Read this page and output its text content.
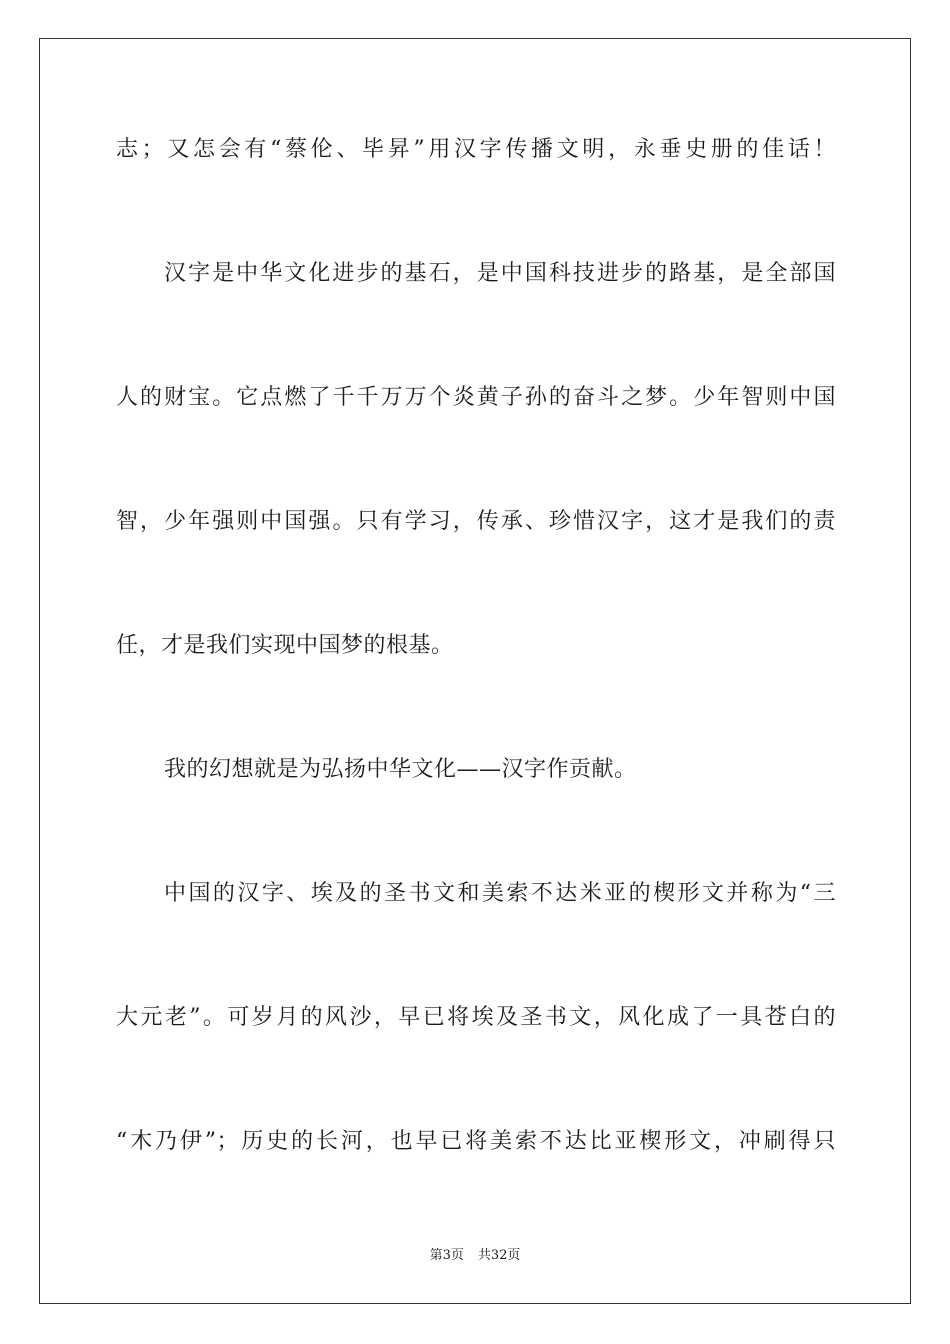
志；又怎会有“蔡伦、毕昇”用汉字传播文明，永垂史册的佳话！
汉字是中华文化进步的基石，是中国科技进步的路基，是全部国
人的财宝。它点燃了千千万万个炎黄子孙的奋斗之梦。少年智则中国
智，少年强则中国强。只有学习，传承、珍惜汉字，这才是我们的责
任，才是我们实现中国梦的根基。
我的幻想就是为弘扬中华文化——汉字作贡献。
中国的汉字、埃及的圣书文和美索不达米亚的楔形文并称为“三
大元老”。可岁月的风沙，早已将埃及圣书文，风化成了一具苍白的
“木乃伊”；历史的长河，也早已将美索不达比亚楔形文，冲刷得只
第3页 共32页
